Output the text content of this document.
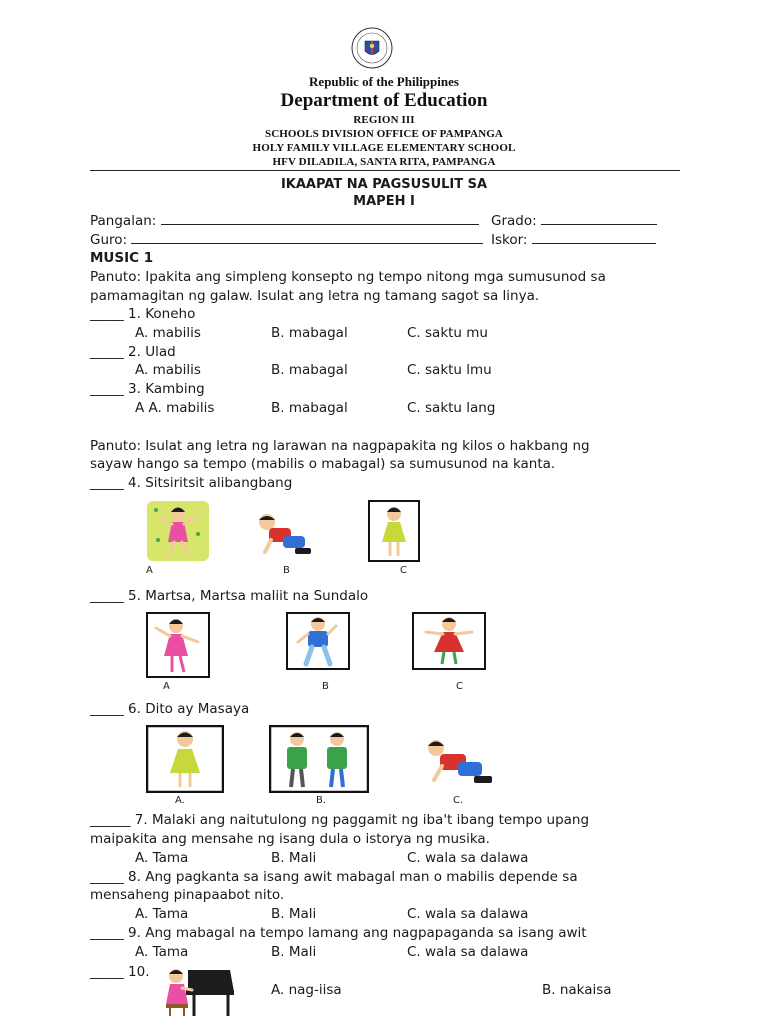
Republic of the Philippines
Department of Education
REGION III
SCHOOLS DIVISION OFFICE OF PAMPANGA
HOLY FAMILY VILLAGE ELEMENTARY SCHOOL
HFV DILADILA, SANTA RITA, PAMPANGA
IKAAPAT NA PAGSUSULIT SA
MAPEH I
Pangalan:	Grado:
Guro:	Iskor:
MUSIC 1
Panuto: Ipakita ang simpleng konsepto ng tempo nitong mga sumusunod sa
pamamagitan ng galaw. Isulat ang letra ng tamang sagot sa linya.
_____ 1. Koneho
A. mabilis	B. mabagal	C. saktu mu
_____ 2. Ulad
A. mabilis	B. mabagal	C. saktu lmu
_____ 3. Kambing
A A. mabilis	B. mabagal	C. saktu lang
Panuto: Isulat ang letra ng larawan na nagpapakita ng kilos o hakbang ng
sayaw hango sa tempo (mabilis o mabagal) sa sumusunod na kanta.
_____ 4. Sitsiritsit alibangbang
A	B	C
_____ 5. Martsa, Martsa maliit na Sundalo
A	B	C
_____ 6. Dito ay Masaya
A.	B.	C.
______ 7. Malaki ang naitutulong ng paggamit ng iba't ibang tempo upang
maipakita ang mensahe ng isang dula o istorya ng musika.
A. Tama	B. Mali	C. wala sa dalawa
_____ 8. Ang pagkanta sa isang awit mabagal man o mabilis depende sa
mensaheng pinapaabot nito.
A. Tama	B. Mali	C. wala sa dalawa
_____ 9. Ang mabagal na tempo lamang ang nagpapaganda sa isang awit
A. Tama	B. Mali	C. wala sa dalawa
_____ 10.
A. nag-iisa	B. nakaisa
